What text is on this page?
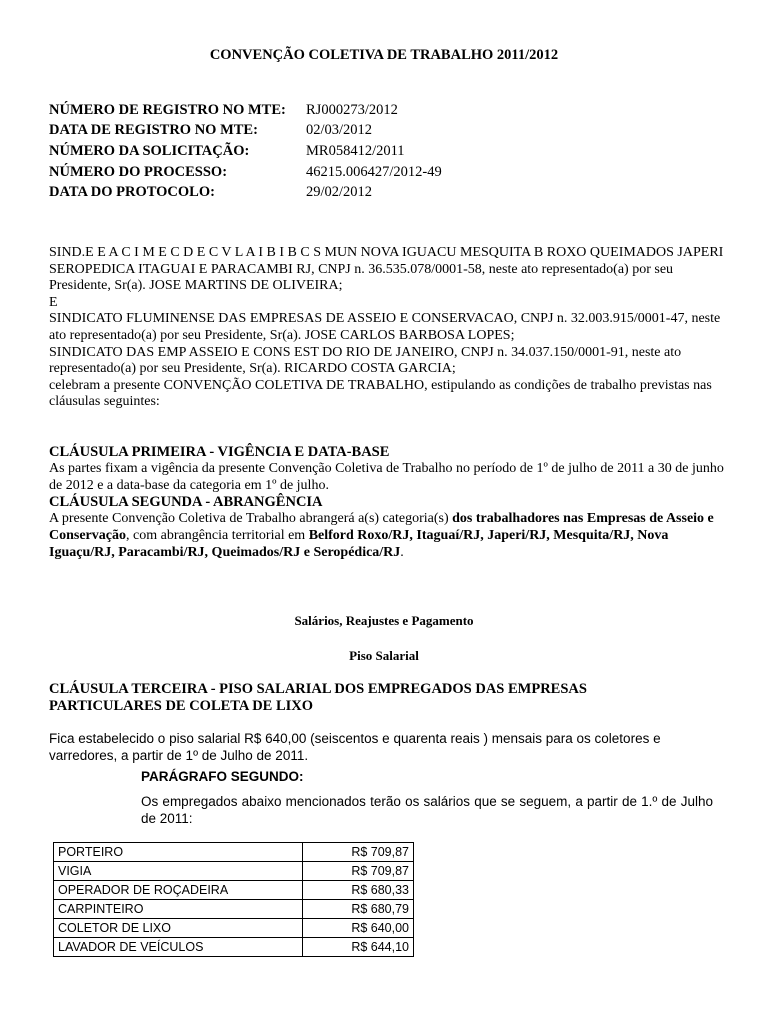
CONVENÇÃO COLETIVA DE TRABALHO 2011/2012
NÚMERO DE REGISTRO NO MTE: RJ000273/2012
DATA DE REGISTRO NO MTE:	02/03/2012
NÚMERO DA SOLICITAÇÃO:	MR058412/2011
NÚMERO DO PROCESSO:	46215.006427/2012-49
DATA DO PROTOCOLO:	29/02/2012

SIND.E E A C I M E C D E C V L A I B I B C S MUN NOVA IGUACU MESQUITA B ROXO QUEIMADOS JAPERI SEROPEDICA ITAGUAI E PARACAMBI RJ, CNPJ n. 36.535.078/0001-58, neste ato representado(a) por seu Presidente, Sr(a). JOSE MARTINS DE OLIVEIRA;

E

SINDICATO FLUMINENSE DAS EMPRESAS DE ASSEIO E CONSERVACAO, CNPJ n. 32.003.915/0001-47, neste ato representado(a) por seu Presidente, Sr(a). JOSE CARLOS BARBOSA LOPES;

SINDICATO DAS EMP ASSEIO E CONS EST DO RIO DE JANEIRO, CNPJ n. 34.037.150/0001-91, neste ato representado(a) por seu Presidente, Sr(a). RICARDO COSTA GARCIA;

celebram a presente CONVENÇÃO COLETIVA DE TRABALHO, estipulando as condições de trabalho previstas nas cláusulas seguintes:

CLÁUSULA PRIMEIRA - VIGÊNCIA E DATA-BASE

As partes fixam a vigência da presente Convenção Coletiva de Trabalho no período de 1º de julho de 2011 a 30 de junho de 2012 e a data-base da categoria em 1º de julho.

CLÁUSULA SEGUNDA - ABRANGÊNCIA

A presente Convenção Coletiva de Trabalho abrangerá a(s) categoria(s) dos trabalhadores nas Empresas de Asseio e Conservação, com abrangência territorial em Belford Roxo/RJ, Itaguaí/RJ, Japeri/RJ, Mesquita/RJ, Nova Iguaçu/RJ, Paracambi/RJ, Queimados/RJ e Seropédica/RJ.

Salários, Reajustes e Pagamento
Piso Salarial
CLÁUSULA TERCEIRA - PISO SALARIAL DOS EMPREGADOS DAS EMPRESAS
PARTICULARES DE COLETA DE LIXO
Fica estabelecido o piso salarial R$ 640,00 (seiscentos e quarenta reais ) mensais para os coletores e varredores, a partir de 1º de Julho de 2011.
PARÁGRAFO SEGUNDO:
Os empregados abaixo mencionados terão os salários que se seguem, a partir de 1.º de Julho de 2011:
PORTEIRO	R$ 709,87
VIGIA	R$ 709,87
OPERADOR DE ROÇADEIRA	R$ 680,33
CARPINTEIRO	R$ 680,79
COLETOR DE LIXO	R$ 640,00
LAVADOR DE VEÍCULOS	R$ 644,10
